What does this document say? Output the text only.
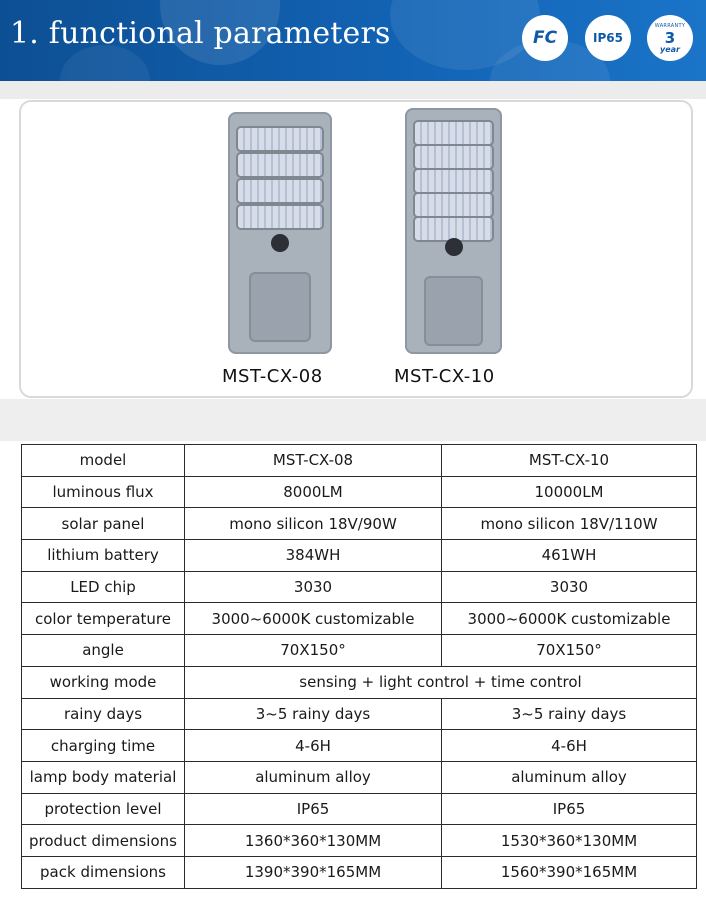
1. functional parameters	FC	IP65
WARRANTY
3
year
MST-CX-08	MST-CX-10
model	MST-CX-08	MST-CX-10
luminous flux	8000LM	10000LM
solar panel	mono silicon 18V/90W	mono silicon 18V/110W
lithium battery	384WH	461WH
LED chip	3030	3030
color temperature	3000~6000K customizable	3000~6000K customizable
angle	70X150°	70X150°
working mode	sensing + light control + time control	
rainy days	3~5 rainy days	3~5 rainy days
charging time	4-6H	4-6H
lamp body material	aluminum alloy	aluminum alloy
protection level	IP65	IP65
product dimensions	1360*360*130MM	1530*360*130MM
pack dimensions	1390*390*165MM	1560*390*165MM
